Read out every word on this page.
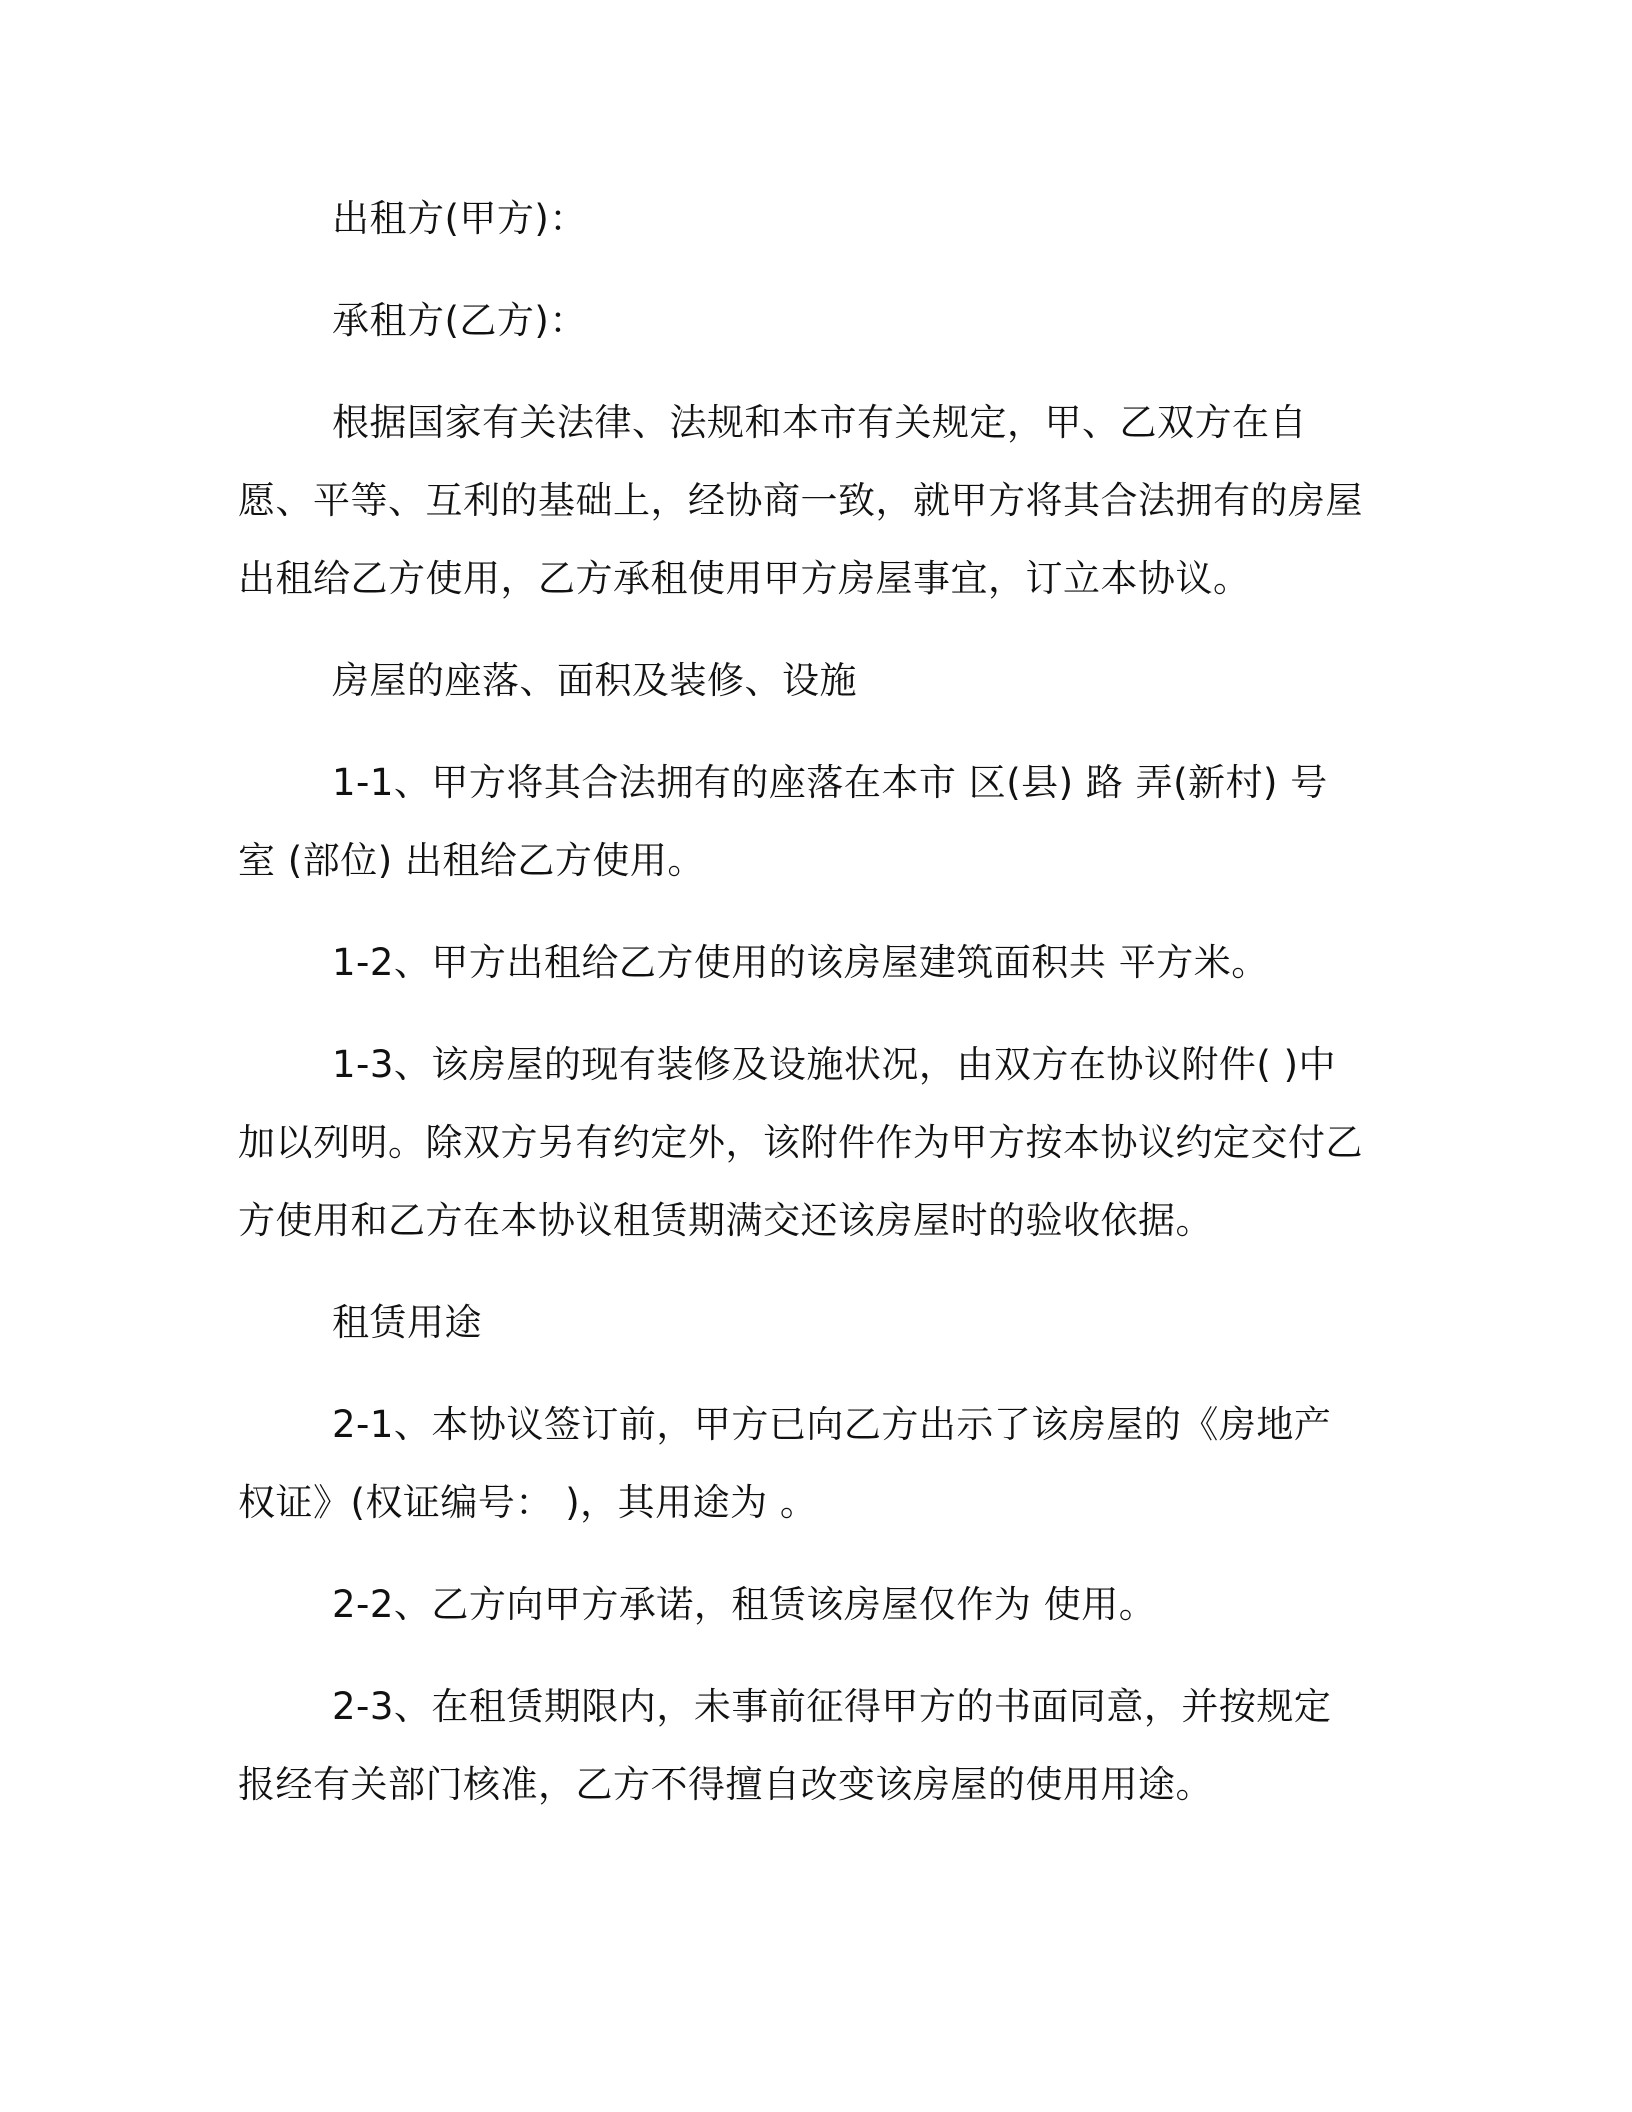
出租方(甲方)：

承租方(乙方)：

根据国家有关法律、法规和本市有关规定，甲、乙双方在自愿、平等、互利的基础上，经协商一致，就甲方将其合法拥有的房屋出租给乙方使用，乙方承租使用甲方房屋事宜，订立本协议。

房屋的座落、面积及装修、设施

1-1、甲方将其合法拥有的座落在本市 区(县) 路 弄(新村) 号 室 (部位) 出租给乙方使用。

1-2、甲方出租给乙方使用的该房屋建筑面积共 平方米。

1-3、该房屋的现有装修及设施状况，由双方在协议附件( )中加以列明。除双方另有约定外，该附件作为甲方按本协议约定交付乙方使用和乙方在本协议租赁期满交还该房屋时的验收依据。

租赁用途

2-1、本协议签订前，甲方已向乙方出示了该房屋的《房地产权证》(权证编号： )，其用途为 。

2-2、乙方向甲方承诺，租赁该房屋仅作为 使用。

2-3、在租赁期限内，未事前征得甲方的书面同意，并按规定报经有关部门核准，乙方不得擅自改变该房屋的使用用途。
